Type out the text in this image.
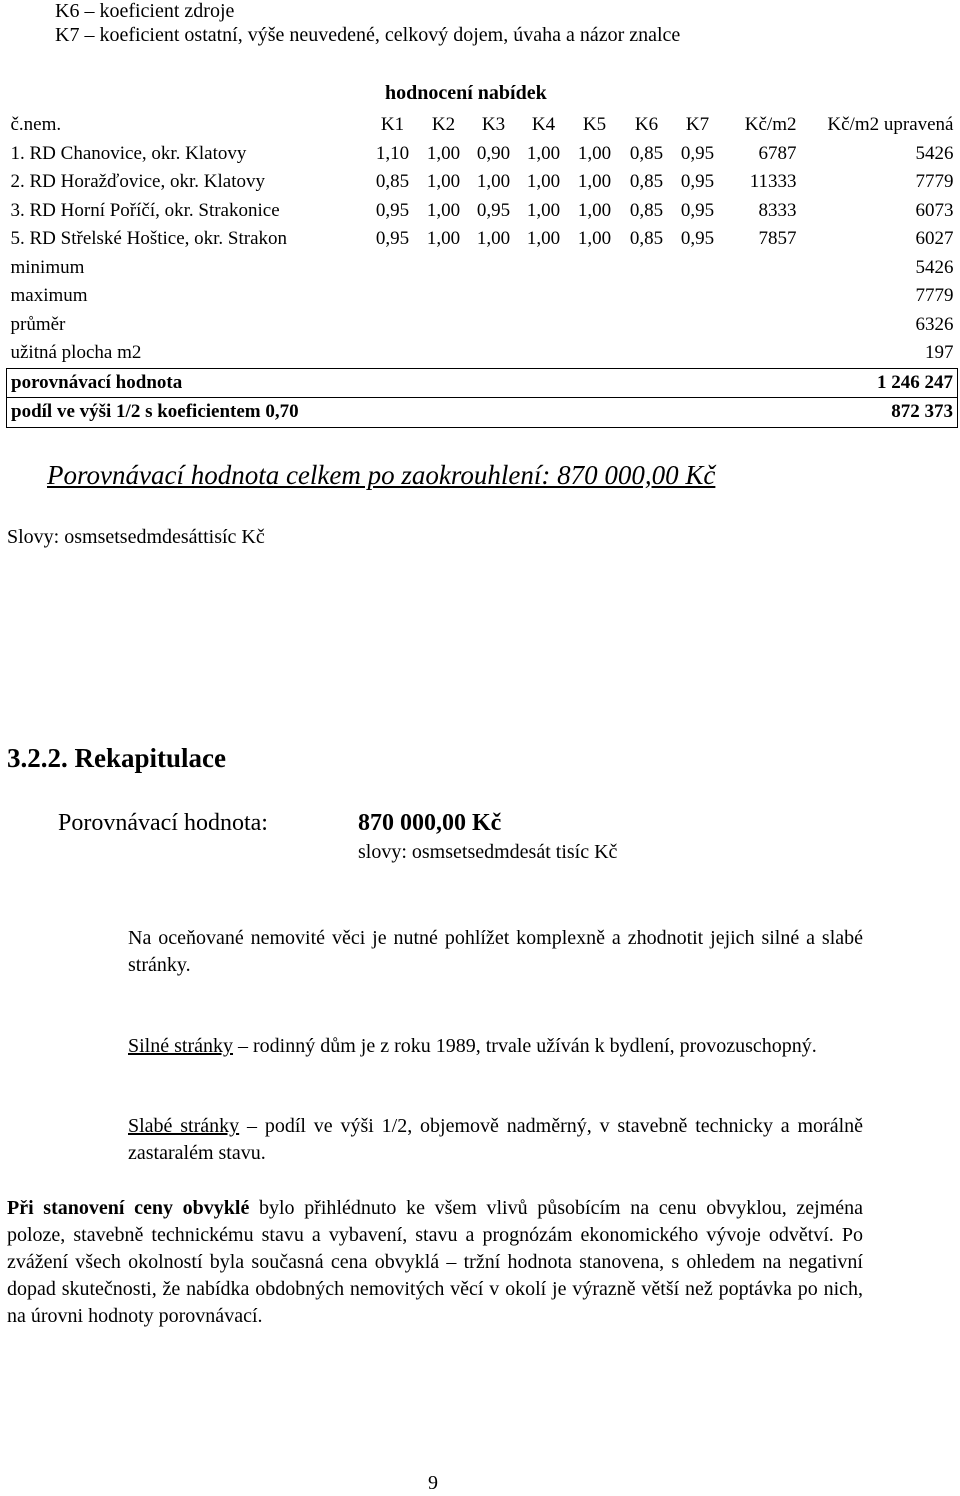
K6 – koeficient zdroje
K7 – koeficient ostatní, výše neuvedené, celkový dojem, úvaha a názor znalce
hodnocení nabídek
č.nem.	K1	K2	K3	K4	K5	K6	K7	Kč/m2	Kč/m2 upravená
1. RD Chanovice, okr. Klatovy	1,10	1,00	0,90	1,00	1,00	0,85	0,95	6787	5426
2. RD Horažďovice, okr. Klatovy	0,85	1,00	1,00	1,00	1,00	0,85	0,95	11333	7779
3. RD Horní Poříčí, okr. Strakonice	0,95	1,00	0,95	1,00	1,00	0,85	0,95	8333	6073
5. RD Střelské Hoštice, okr. Strakon	0,95	1,00	1,00	1,00	1,00	0,85	0,95	7857	6027
minimum									5426
maximum									7779
průměr									6326
užitná plocha m2									197
porovnávací hodnota									1 246 247
podíl ve výši 1/2 s koeficientem 0,70									872 373
Porovnávací hodnota celkem po zaokrouhlení: 870 000,00 Kč
Slovy: osmsetsedmdesáttisíc Kč
3.2.2. Rekapitulace
Porovnávací hodnota:	870 000,00 Kč
slovy: osmsetsedmdesát tisíc Kč
Na oceňované nemovité věci je nutné pohlížet komplexně a zhodnotit jejich silné a slabé stránky.
Silné stránky – rodinný dům je z roku 1989, trvale užíván k bydlení, provozuschopný.
Slabé stránky – podíl ve výši 1/2, objemově nadměrný, v stavebně technicky a morálně zastaralém stavu.
Při stanovení ceny obvyklé bylo přihlédnuto ke všem vlivů působícím na cenu obvyklou, zejména poloze, stavebně technickému stavu a vybavení, stavu a prognózám ekonomického vývoje odvětví. Po zvážení všech okolností byla současná cena obvyklá – tržní hodnota stanovena, s ohledem na negativní dopad skutečnosti, že nabídka obdobných nemovitých věcí v okolí je výrazně větší než poptávka po nich, na úrovni hodnoty porovnávací.
9
